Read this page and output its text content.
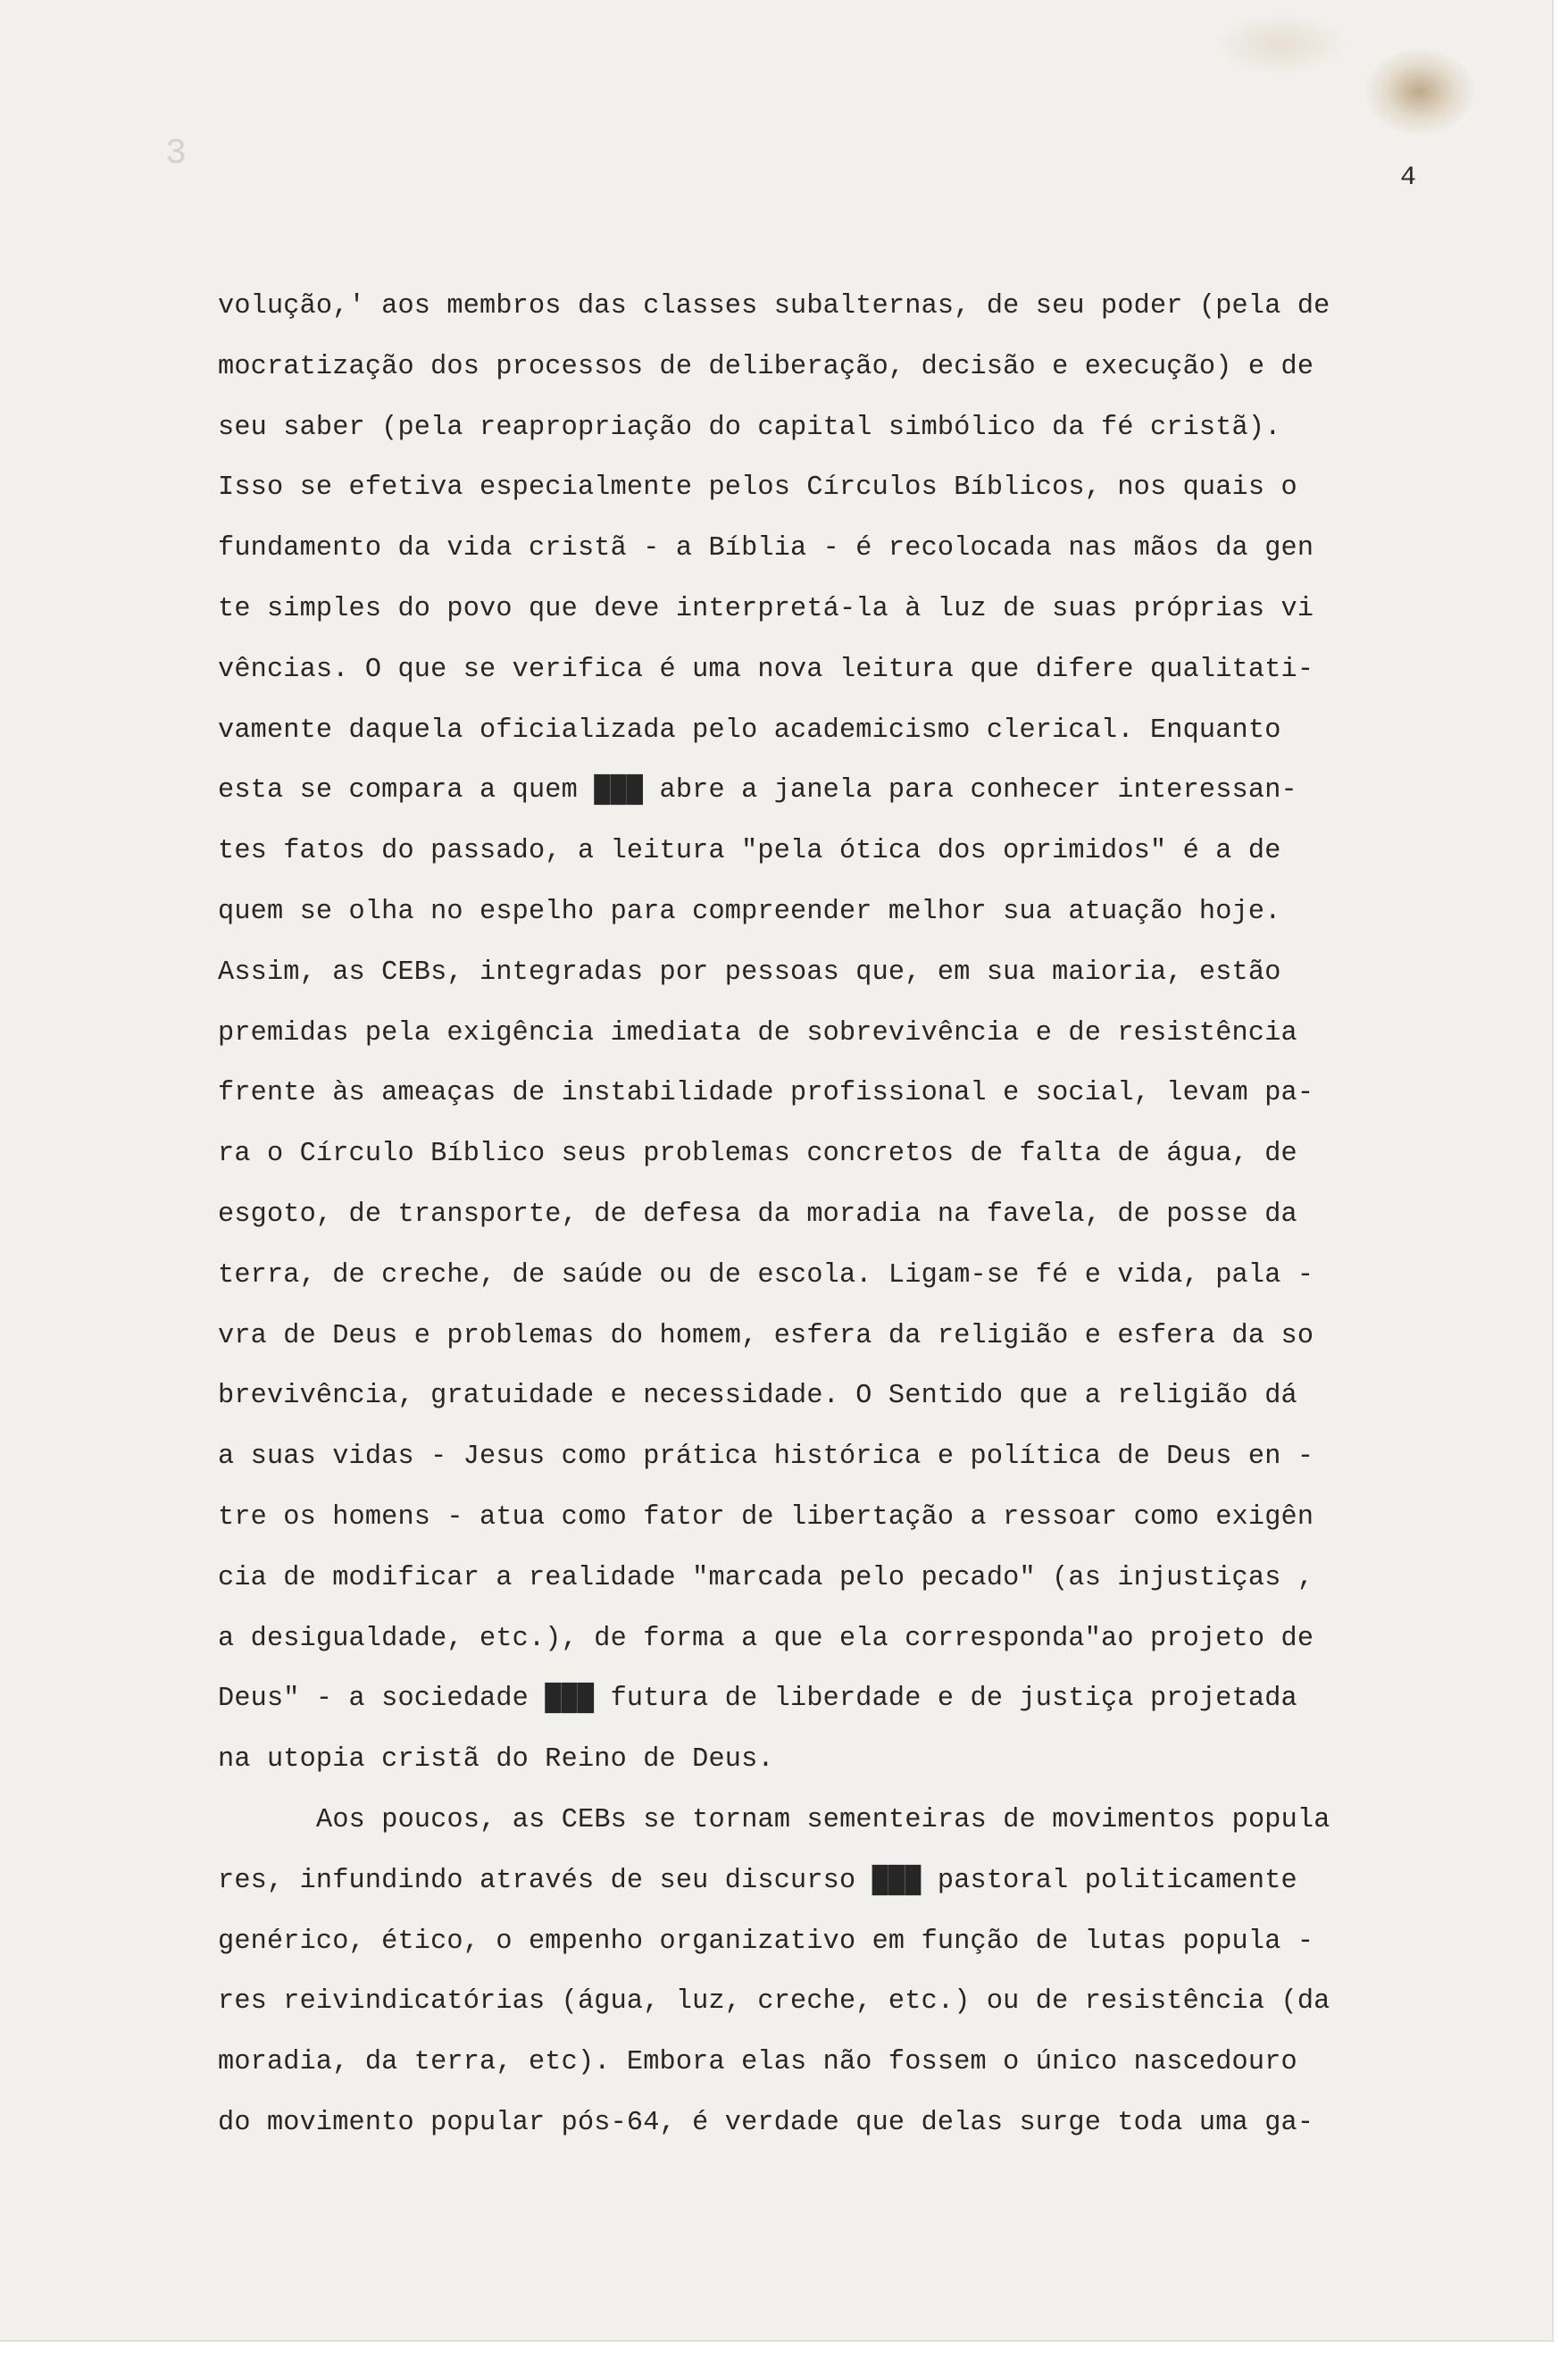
3
4
volução,' aos membros das classes subalternas, de seu poder (pela de
mocratização dos processos de deliberação, decisão e execução) e de
seu saber (pela reapropriação do capital simbólico da fé cristã).
Isso se efetiva especialmente pelos Círculos Bíblicos, nos quais o
fundamento da vida cristã - a Bíblia - é recolocada nas mãos da gen
te simples do povo que deve interpretá-la à luz de suas próprias vi
vências. O que se verifica é uma nova leitura que difere qualitati-
vamente daquela oficializada pelo academicismo clerical. Enquanto
esta se compara a quem ███ abre a janela para conhecer interessan-
tes fatos do passado, a leitura "pela ótica dos oprimidos" é a de
quem se olha no espelho para compreender melhor sua atuação hoje.
Assim, as CEBs, integradas por pessoas que, em sua maioria, estão
premidas pela exigência imediata de sobrevivência e de resistência
frente às ameaças de instabilidade profissional e social, levam pa-
ra o Círculo Bíblico seus problemas concretos de falta de água, de
esgoto, de transporte, de defesa da moradia na favela, de posse da
terra, de creche, de saúde ou de escola. Ligam-se fé e vida, pala -
vra de Deus e problemas do homem, esfera da religião e esfera da so
brevivência, gratuidade e necessidade. O Sentido que a religião dá
a suas vidas - Jesus como prática histórica e política de Deus en -
tre os homens - atua como fator de libertação a ressoar como exigên
cia de modificar a realidade "marcada pelo pecado" (as injustiças ,
a desigualdade, etc.), de forma a que ela corresponda"ao projeto de
Deus" - a sociedade ███ futura de liberdade e de justiça projetada
na utopia cristã do Reino de Deus.
Aos poucos, as CEBs se tornam sementeiras de movimentos popula
res, infundindo através de seu discurso ███ pastoral politicamente
genérico, ético, o empenho organizativo em função de lutas popula -
res reivindicatórias (água, luz, creche, etc.) ou de resistência (da
moradia, da terra, etc). Embora elas não fossem o único nascedouro
do movimento popular pós-64, é verdade que delas surge toda uma ga-
